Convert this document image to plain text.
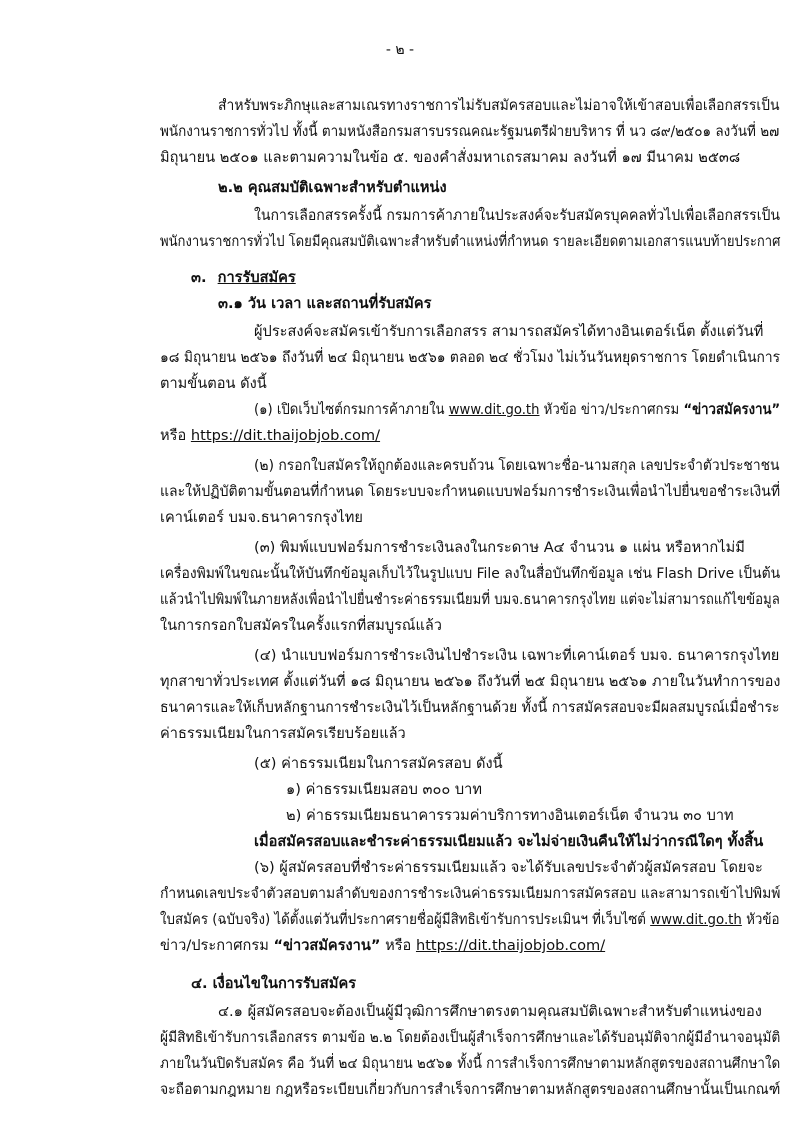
- ๒ -
สำหรับพระภิกษุและสามเณรทางราชการไม่รับสมัครสอบและไม่อาจให้เข้าสอบเพื่อเลือกสรรเป็น
พนักงานราชการทั่วไป ทั้งนี้ ตามหนังสือกรมสารบรรณคณะรัฐมนตรีฝ่ายบริหาร ที่ นว ๘๙/๒๕๐๑ ลงวันที่ ๒๗
มิถุนายน ๒๕๐๑ และตามความในข้อ ๕. ของคำสั่งมหาเถรสมาคม ลงวันที่ ๑๗ มีนาคม ๒๕๓๘
๒.๒ คุณสมบัติเฉพาะสำหรับตำแหน่ง
ในการเลือกสรรครั้งนี้ กรมการค้าภายในประสงค์จะรับสมัครบุคคลทั่วไปเพื่อเลือกสรรเป็น
พนักงานราชการทั่วไป โดยมีคุณสมบัติเฉพาะสำหรับตำแหน่งที่กำหนด รายละเอียดตามเอกสารแนบท้ายประกาศ
๓. การรับสมัคร
๓.๑ วัน เวลา และสถานที่รับสมัคร
ผู้ประสงค์จะสมัครเข้ารับการเลือกสรร สามารถสมัครได้ทางอินเตอร์เน็ต ตั้งแต่วันที่
๑๘ มิถุนายน ๒๕๖๑ ถึงวันที่ ๒๔ มิถุนายน ๒๕๖๑ ตลอด ๒๔ ชั่วโมง ไม่เว้นวันหยุดราชการ โดยดำเนินการ
ตามขั้นตอน ดังนี้
(๑) เปิดเว็บไซต์กรมการค้าภายใน www.dit.go.th หัวข้อ ข่าว/ประกาศกรม “ข่าวสมัครงาน”
หรือ https://dit.thaijobjob.com/
(๒) กรอกใบสมัครให้ถูกต้องและครบถ้วน โดยเฉพาะชื่อ-นามสกุล เลขประจำตัวประชาชน
และให้ปฏิบัติตามขั้นตอนที่กำหนด โดยระบบจะกำหนดแบบฟอร์มการชำระเงินเพื่อนำไปยื่นขอชำระเงินที่
เคาน์เตอร์ บมจ.ธนาคารกรุงไทย
(๓) พิมพ์แบบฟอร์มการชำระเงินลงในกระดาษ A๔ จำนวน ๑ แผ่น หรือหากไม่มี
เครื่องพิมพ์ในขณะนั้นให้บันทึกข้อมูลเก็บไว้ในรูปแบบ File ลงในสื่อบันทึกข้อมูล เช่น Flash Drive เป็นต้น
แล้วนำไปพิมพ์ในภายหลังเพื่อนำไปยื่นชำระค่าธรรมเนียมที่ บมจ.ธนาคารกรุงไทย แต่จะไม่สามารถแก้ไขข้อมูล
ในการกรอกใบสมัครในครั้งแรกที่สมบูรณ์แล้ว
(๔) นำแบบฟอร์มการชำระเงินไปชำระเงิน เฉพาะที่เคาน์เตอร์ บมจ. ธนาคารกรุงไทย
ทุกสาขาทั่วประเทศ ตั้งแต่วันที่ ๑๘ มิถุนายน ๒๕๖๑ ถึงวันที่ ๒๕ มิถุนายน ๒๕๖๑ ภายในวันทำการของ
ธนาคารและให้เก็บหลักฐานการชำระเงินไว้เป็นหลักฐานด้วย ทั้งนี้ การสมัครสอบจะมีผลสมบูรณ์เมื่อชำระ
ค่าธรรมเนียมในการสมัครเรียบร้อยแล้ว
(๕) ค่าธรรมเนียมในการสมัครสอบ ดังนี้
๑) ค่าธรรมเนียมสอบ ๓๐๐ บาท
๒) ค่าธรรมเนียมธนาคารรวมค่าบริการทางอินเตอร์เน็ต จำนวน ๓๐ บาท
เมื่อสมัครสอบและชำระค่าธรรมเนียมแล้ว จะไม่จ่ายเงินคืนให้ไม่ว่ากรณีใดๆ ทั้งสิ้น
(๖) ผู้สมัครสอบที่ชำระค่าธรรมเนียมแล้ว จะได้รับเลขประจำตัวผู้สมัครสอบ โดยจะ
กำหนดเลขประจำตัวสอบตามลำดับของการชำระเงินค่าธรรมเนียมการสมัครสอบ และสามารถเข้าไปพิมพ์
ใบสมัคร (ฉบับจริง) ได้ตั้งแต่วันที่ประกาศรายชื่อผู้มีสิทธิเข้ารับการประเมินฯ ที่เว็บไซต์ www.dit.go.th หัวข้อ
ข่าว/ประกาศกรม “ข่าวสมัครงาน” หรือ https://dit.thaijobjob.com/
๔. เงื่อนไขในการรับสมัคร
๔.๑ ผู้สมัครสอบจะต้องเป็นผู้มีวุฒิการศึกษาตรงตามคุณสมบัติเฉพาะสำหรับตำแหน่งของ
ผู้มีสิทธิเข้ารับการเลือกสรร ตามข้อ ๒.๒ โดยต้องเป็นผู้สำเร็จการศึกษาและได้รับอนุมัติจากผู้มีอำนาจอนุมัติ
ภายในวันปิดรับสมัคร คือ วันที่ ๒๔ มิถุนายน ๒๕๖๑ ทั้งนี้ การสำเร็จการศึกษาตามหลักสูตรของสถานศึกษาใด
จะถือตามกฎหมาย กฎหรือระเบียบเกี่ยวกับการสำเร็จการศึกษาตามหลักสูตรของสถานศึกษานั้นเป็นเกณฑ์
